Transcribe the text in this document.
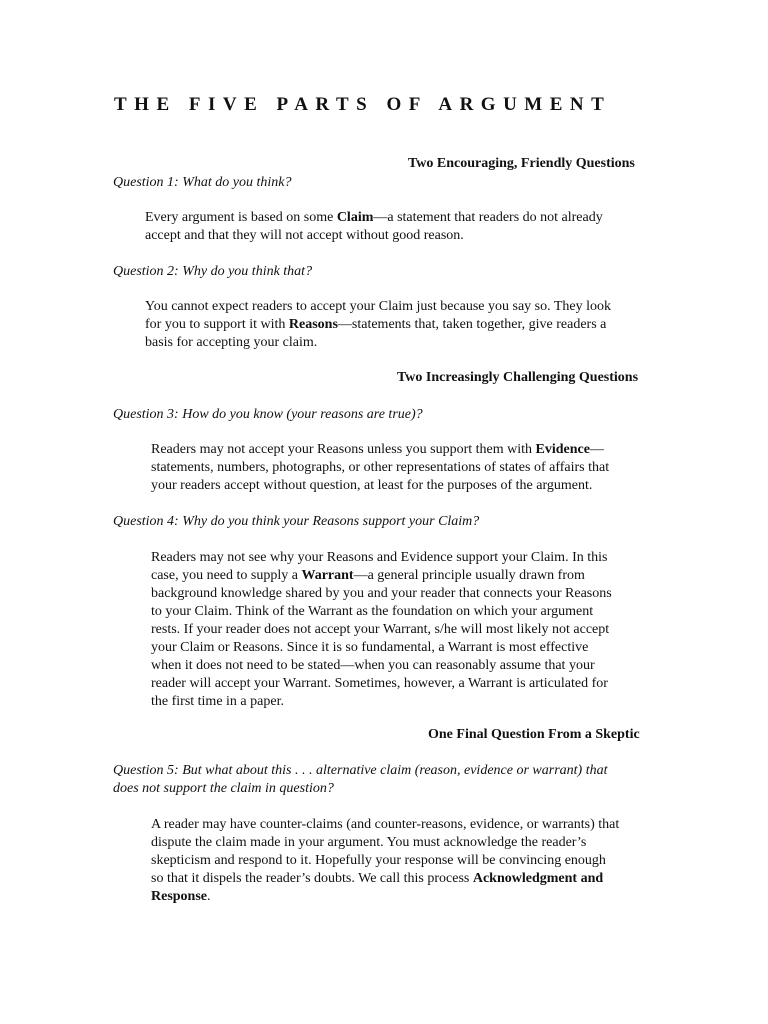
THE FIVE PARTS OF ARGUMENT
Two Encouraging, Friendly Questions
Question 1: What do you think?
Every argument is based on some Claim—a statement that readers do not already
accept and that they will not accept without good reason.
Question 2: Why do you think that?
You cannot expect readers to accept your Claim just because you say so. They look
for you to support it with Reasons—statements that, taken together, give readers a
basis for accepting your claim.
Two Increasingly Challenging Questions
Question 3: How do you know (your reasons are true)?
Readers may not accept your Reasons unless you support them with Evidence—
statements, numbers, photographs, or other representations of states of affairs that
your readers accept without question, at least for the purposes of the argument.
Question 4: Why do you think your Reasons support your Claim?
Readers may not see why your Reasons and Evidence support your Claim. In this
case, you need to supply a Warrant—a general principle usually drawn from
background knowledge shared by you and your reader that connects your Reasons
to your Claim. Think of the Warrant as the foundation on which your argument
rests. If your reader does not accept your Warrant, s/he will most likely not accept
your Claim or Reasons. Since it is so fundamental, a Warrant is most effective
when it does not need to be stated—when you can reasonably assume that your
reader will accept your Warrant. Sometimes, however, a Warrant is articulated for
the first time in a paper.
One Final Question From a Skeptic
Question 5: But what about this . . . alternative claim (reason, evidence or warrant) that
does not support the claim in question?
A reader may have counter-claims (and counter-reasons, evidence, or warrants) that
dispute the claim made in your argument. You must acknowledge the reader’s
skepticism and respond to it. Hopefully your response will be convincing enough
so that it dispels the reader’s doubts. We call this process Acknowledgment and
Response.
